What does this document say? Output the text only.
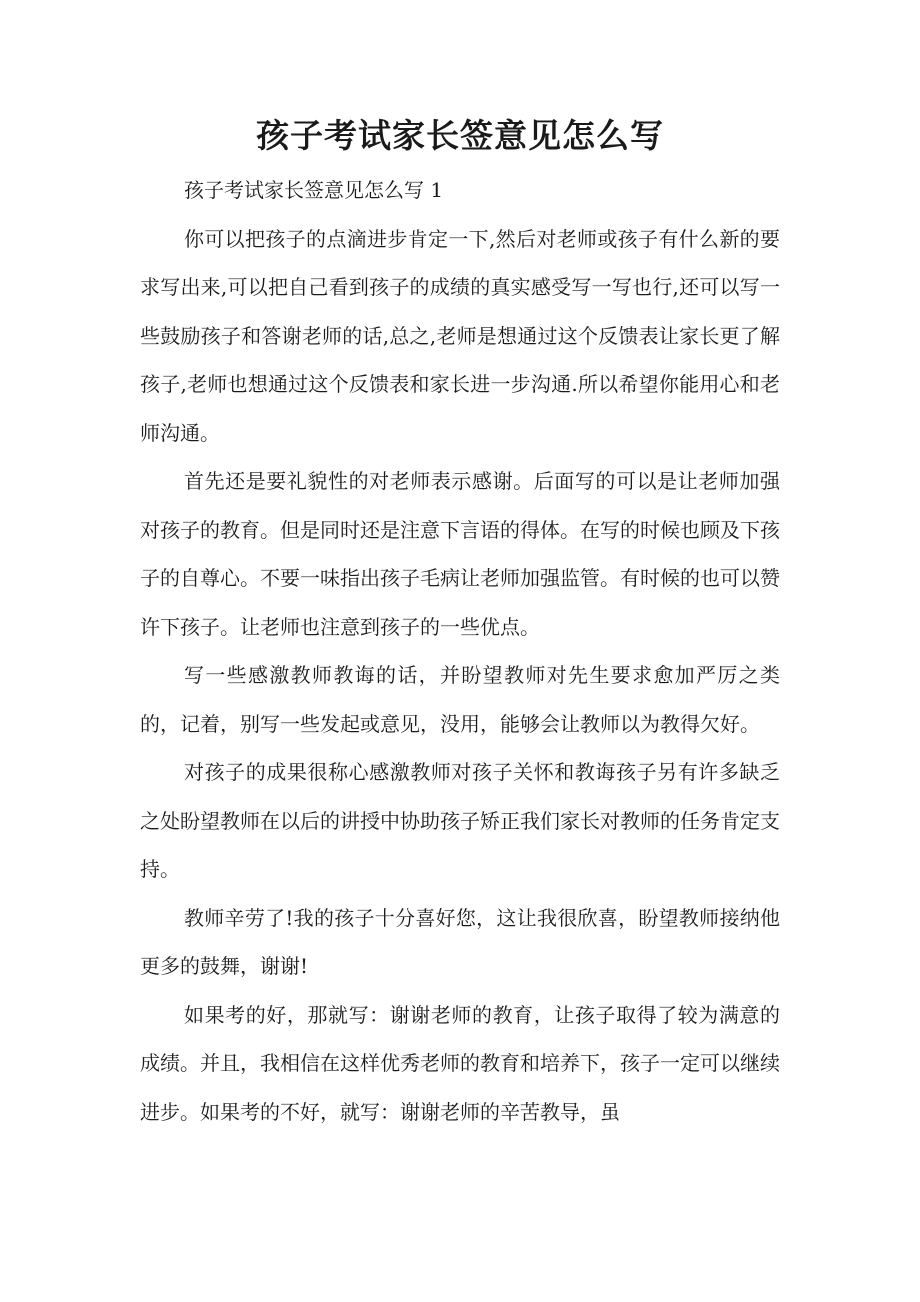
孩子考试家长签意见怎么写

孩子考试家长签意见怎么写 1

你可以把孩子的点滴进步肯定一下,然后对老师或孩子有什么新的要求写出来,可以把自己看到孩子的成绩的真实感受写一写也行,还可以写一些鼓励孩子和答谢老师的话,总之,老师是想通过这个反馈表让家长更了解孩子,老师也想通过这个反馈表和家长进一步沟通.所以希望你能用心和老师沟通。

首先还是要礼貌性的对老师表示感谢。后面写的可以是让老师加强对孩子的教育。但是同时还是注意下言语的得体。在写的时候也顾及下孩子的自尊心。不要一味指出孩子毛病让老师加强监管。有时候的也可以赞许下孩子。让老师也注意到孩子的一些优点。

写一些感激教师教诲的话，并盼望教师对先生要求愈加严厉之类的，记着，别写一些发起或意见，没用，能够会让教师以为教得欠好。

对孩子的成果很称心感激教师对孩子关怀和教诲孩子另有许多缺乏之处盼望教师在以后的讲授中协助孩子矫正我们家长对教师的任务肯定支持。

教师辛劳了!我的孩子十分喜好您，这让我很欣喜，盼望教师接纳他更多的鼓舞，谢谢!

如果考的好，那就写：谢谢老师的教育，让孩子取得了较为满意的成绩。并且，我相信在这样优秀老师的教育和培养下，孩子一定可以继续进步。如果考的不好，就写：谢谢老师的辛苦教导，虽
